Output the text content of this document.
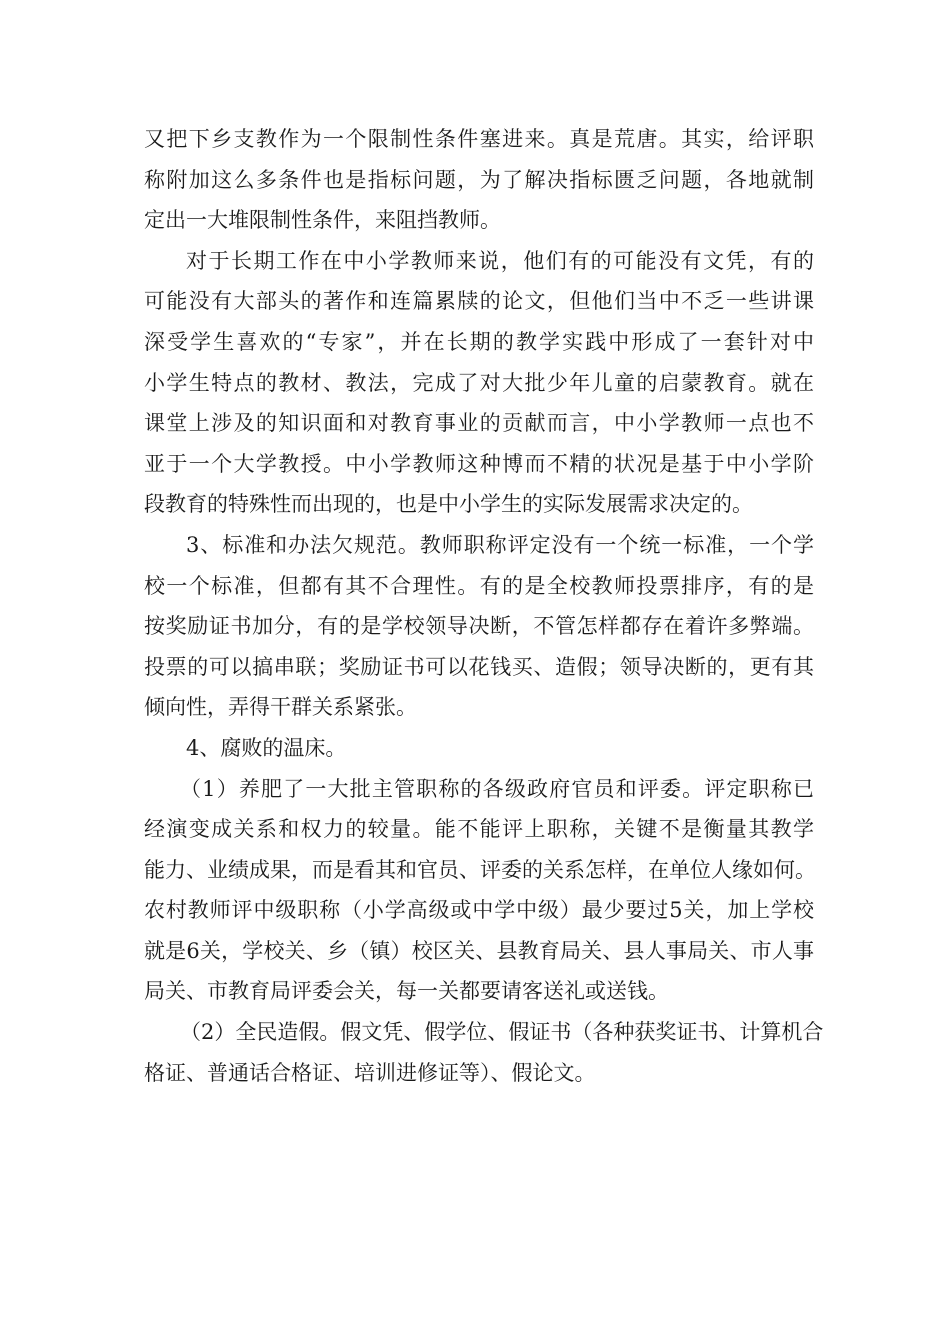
又把下乡支教作为一个限制性条件塞进来。真是荒唐。其实，给评职
称附加这么多条件也是指标问题，为了解决指标匮乏问题，各地就制
定出一大堆限制性条件，来阻挡教师。
对于长期工作在中小学教师来说，他们有的可能没有文凭，有的
可能没有大部头的著作和连篇累牍的论文，但他们当中不乏一些讲课
深受学生喜欢的“专家”，并在长期的教学实践中形成了一套针对中
小学生特点的教材、教法，完成了对大批少年儿童的启蒙教育。就在
课堂上涉及的知识面和对教育事业的贡献而言，中小学教师一点也不
亚于一个大学教授。中小学教师这种博而不精的状况是基于中小学阶
段教育的特殊性而出现的，也是中小学生的实际发展需求决定的。
3、标准和办法欠规范。教师职称评定没有一个统一标准，一个学
校一个标准，但都有其不合理性。有的是全校教师投票排序，有的是
按奖励证书加分，有的是学校领导决断，不管怎样都存在着许多弊端。
投票的可以搞串联；奖励证书可以花钱买、造假；领导决断的，更有其
倾向性，弄得干群关系紧张。
4、腐败的温床。
（1）养肥了一大批主管职称的各级政府官员和评委。评定职称已
经演变成关系和权力的较量。能不能评上职称，关键不是衡量其教学
能力、业绩成果，而是看其和官员、评委的关系怎样，在单位人缘如何。
农村教师评中级职称（小学高级或中学中级）最少要过5关，加上学校
就是6关，学校关、乡（镇）校区关、县教育局关、县人事局关、市人事
局关、市教育局评委会关，每一关都要请客送礼或送钱。
（2）全民造假。假文凭、假学位、假证书（各种获奖证书、计算机合
格证、普通话合格证、培训进修证等）、假论文。
